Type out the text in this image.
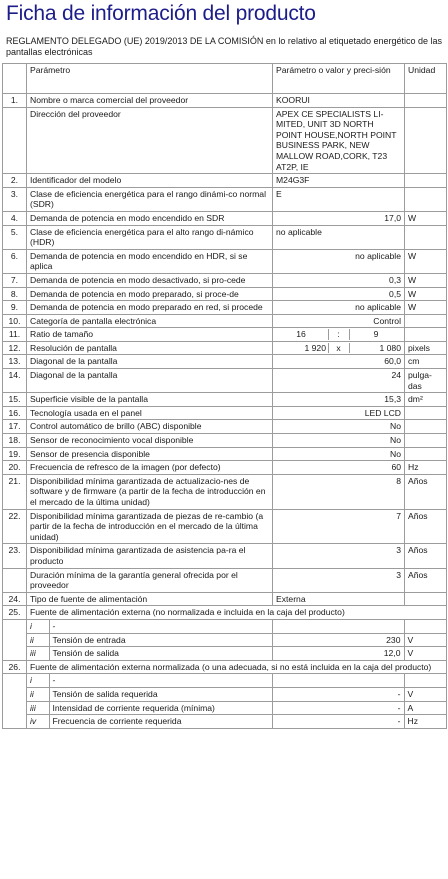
Ficha de información del producto
REGLAMENTO DELEGADO (UE) 2019/2013 DE LA COMISIÓN en lo relativo al etiquetado energético de las pantallas electrónicas
	Parámetro	Parámetro o valor y preci-sión	Unidad
1.	Nombre o marca comercial del proveedor	KOORUI	
	Dirección del proveedor	APEX CE SPECIALISTS LI-MITED, UNIT 3D NORTH POINT HOUSE,NORTH POINT BUSINESS PARK, NEW MALLOW ROAD,CORK, T23 AT2P, IE	
2.	Identificador del modelo	M24G3F	
3.	Clase de eficiencia energética para el rango dinámi-co normal (SDR)	E	
4.	Demanda de potencia en modo encendido en SDR	17,0	W
5.	Clase de eficiencia energética para el alto rango di-námico (HDR)	no aplicable	
6.	Demanda de potencia en modo encendido en HDR, si se aplica	no aplicable	W
7.	Demanda de potencia en modo desactivado, si pro-cede	0,3	W
8.	Demanda de potencia en modo preparado, si proce-de	0,5	W
9.	Demanda de potencia en modo preparado en red, si procede	no aplicable	W
10.	Categoría de pantalla electrónica	Control	
11.	Ratio de tamaño	16	:	9

12.	Resolución de pantalla	1 920	x	1 080	pixels
13.	Diagonal de la pantalla	60,0	cm
14.	Diagonal de la pantalla	24	pulga-das
15.	Superficie visible de la pantalla	15,3	dm²
16.	Tecnología usada en el panel	LED LCD	
17.	Control automático de brillo (ABC) disponible	No	
18.	Sensor de reconocimiento vocal disponible	No	
19.	Sensor de presencia disponible	No	
20.	Frecuencia de refresco de la imagen (por defecto)	60	Hz
21.	Disponibilidad mínima garantizada de actualizacio-nes de software y de firmware (a partir de la fecha de introducción en el mercado de la última unidad)	8	Años
22.	Disponibilidad mínima garantizada de piezas de re-cambio (a partir de la fecha de introducción en el mercado de la última unidad)	7	Años
23.	Disponibilidad mínima garantizada de asistencia pa-ra el producto	3	Años
	Duración mínima de la garantía general ofrecida por el proveedor	3	Años
24.	Tipo de fuente de alimentación	Externa	
25.	Fuente de alimentación externa (no normalizada e incluida en la caja del producto)

i	-		
ii	Tensión de entrada	230	V
iii	Tensión de salida	12,0	V

26.	Fuente de alimentación externa normalizada (o una adecuada, si no está incluida en la caja del producto)

i	-		
ii	Tensión de salida requerida	-	V
iii	Intensidad de corriente requerida (mínima)	-	A
iv	Frecuencia de corriente requerida	-	Hz
